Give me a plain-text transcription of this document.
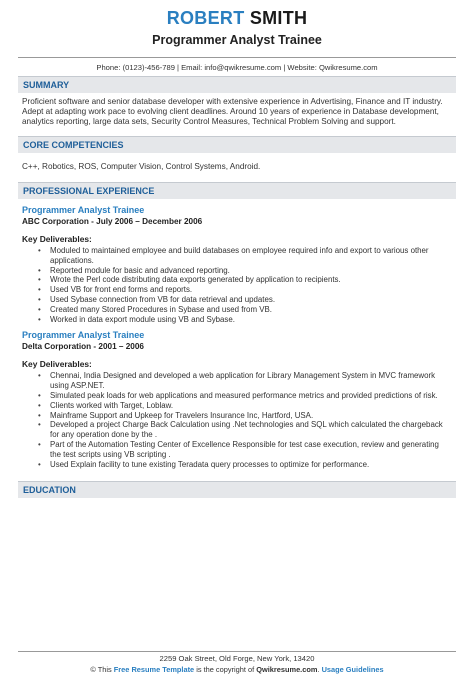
ROBERT SMITH
Programmer Analyst Trainee
Phone: (0123)-456-789 | Email: info@qwikresume.com | Website: Qwikresume.com
SUMMARY
Proficient software and senior database developer with extensive experience in Advertising, Finance and IT industry. Adept at adapting work pace to evolving client deadlines. Around 10 years of experience in Database development, analytics reporting, large data sets, Security Control Measures, Technical Problem Solving and support.
CORE COMPETENCIES
C++, Robotics, ROS, Computer Vision, Control Systems, Android.
PROFESSIONAL EXPERIENCE
Programmer Analyst Trainee
ABC Corporation - July 2006 – December 2006
Key Deliverables:
• Moduled to maintained employee and build databases on employee required info and export to various other applications.
• Reported module for basic and advanced reporting.
• Wrote the Perl code distributing data exports generated by application to recipients.
• Used VB for front end forms and reports.
• Used Sybase connection from VB for data retrieval and updates.
• Created many Stored Procedures in Sybase and used from VB.
• Worked in data export module using VB and Sybase.
Programmer Analyst Trainee
Delta Corporation - 2001 – 2006
Key Deliverables:
• Chennai, India Designed and developed a web application for Library Management System in MVC framework using ASP.NET.
• Simulated peak loads for web applications and measured performance metrics and provided predictions of risk.
• Clients worked with Target, Loblaw.
• Mainframe Support and Upkeep for Travelers Insurance Inc, Hartford, USA.
• Developed a project Charge Back Calculation using .Net technologies and SQL which calculated the chargeback for any operation done by the .
• Part of the Automation Testing Center of Excellence Responsible for test case execution, review and generating the test scripts using VB scripting .
• Used Explain facility to tune existing Teradata query processes to optimize for performance.
EDUCATION
2259 Oak Street, Old Forge, New York, 13420
© This Free Resume Template is the copyright of Qwikresume.com. Usage Guidelines
